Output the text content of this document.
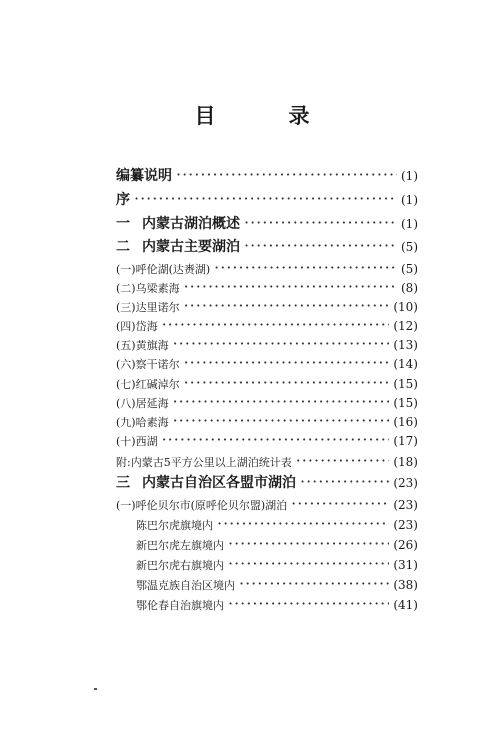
目　录
编纂说明 ·····	(1)
序 ·····	(1)
一 内蒙古湖泊概述 ·····	(1)
二 内蒙古主要湖泊 ·····	(5)
(一)呼伦湖(达赉湖) ·····	(5)
(二)乌梁素海 ·····	(8)
(三)达里诺尔 ·····	(10)
(四)岱海 ·····	(12)
(五)黄旗海 ·····	(13)
(六)察干诺尔 ·····	(14)
(七)红碱淖尔 ·····	(15)
(八)居延海 ·····	(15)
(九)哈素海 ·····	(16)
(十)西湖 ·····	(17)
附:内蒙古5平方公里以上湖泊统计表 ·····	(18)
三 内蒙古自治区各盟市湖泊 ·····	(23)
(一)呼伦贝尔市(原呼伦贝尔盟)湖泊 ·····	(23)
陈巴尔虎旗境内 ·····	(23)
新巴尔虎左旗境内 ·····	(26)
新巴尔虎右旗境内 ·····	(31)
鄂温克族自治区境内 ·····	(38)
鄂伦春自治旗境内 ·····	(41)
